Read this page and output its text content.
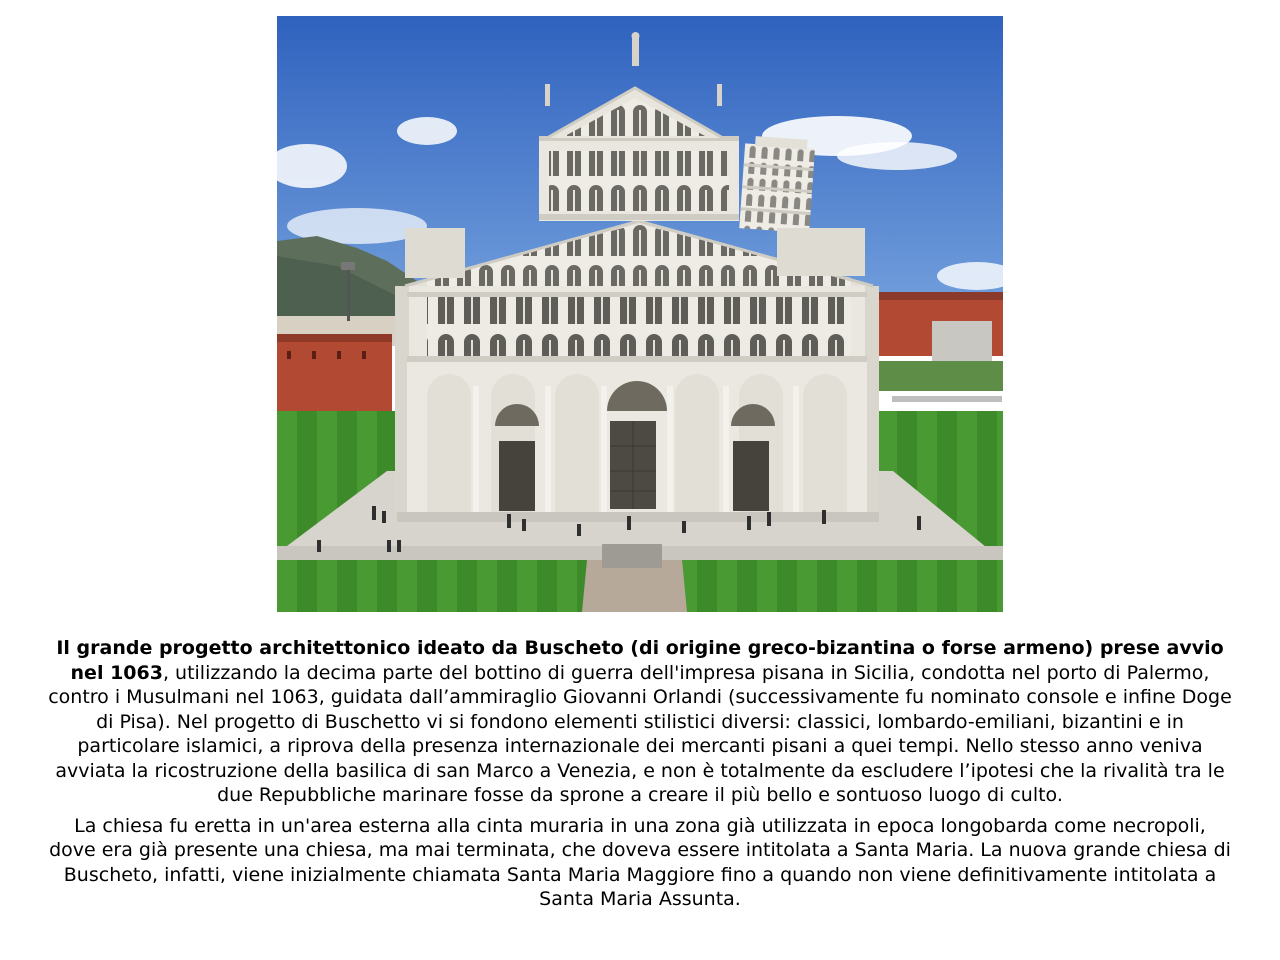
Il grande progetto architettonico ideato da Buscheto (di origine greco-bizantina o forse armeno) prese avvio nel 1063, utilizzando la decima parte del bottino di guerra dell'impresa pisana in Sicilia, condotta nel porto di Palermo, contro i Musulmani nel 1063, guidata dall’ammiraglio Giovanni Orlandi (successivamente fu nominato console e infine Doge di Pisa). Nel progetto di Buschetto vi si fondono elementi stilistici diversi: classici, lombardo-emiliani, bizantini e in particolare islamici, a riprova della presenza internazionale dei mercanti pisani a quei tempi. Nello stesso anno veniva avviata la ricostruzione della basilica di san Marco a Venezia, e non è totalmente da escludere l’ipotesi che la rivalità tra le due Repubbliche marinare fosse da sprone a creare il più bello e sontuoso luogo di culto.

La chiesa fu eretta in un'area esterna alla cinta muraria in una zona già utilizzata in epoca longobarda come necropoli, dove era già presente una chiesa, ma mai terminata, che doveva essere intitolata a Santa Maria. La nuova grande chiesa di Buscheto, infatti, viene inizialmente chiamata Santa Maria Maggiore fino a quando non viene definitivamente intitolata a Santa Maria Assunta.
